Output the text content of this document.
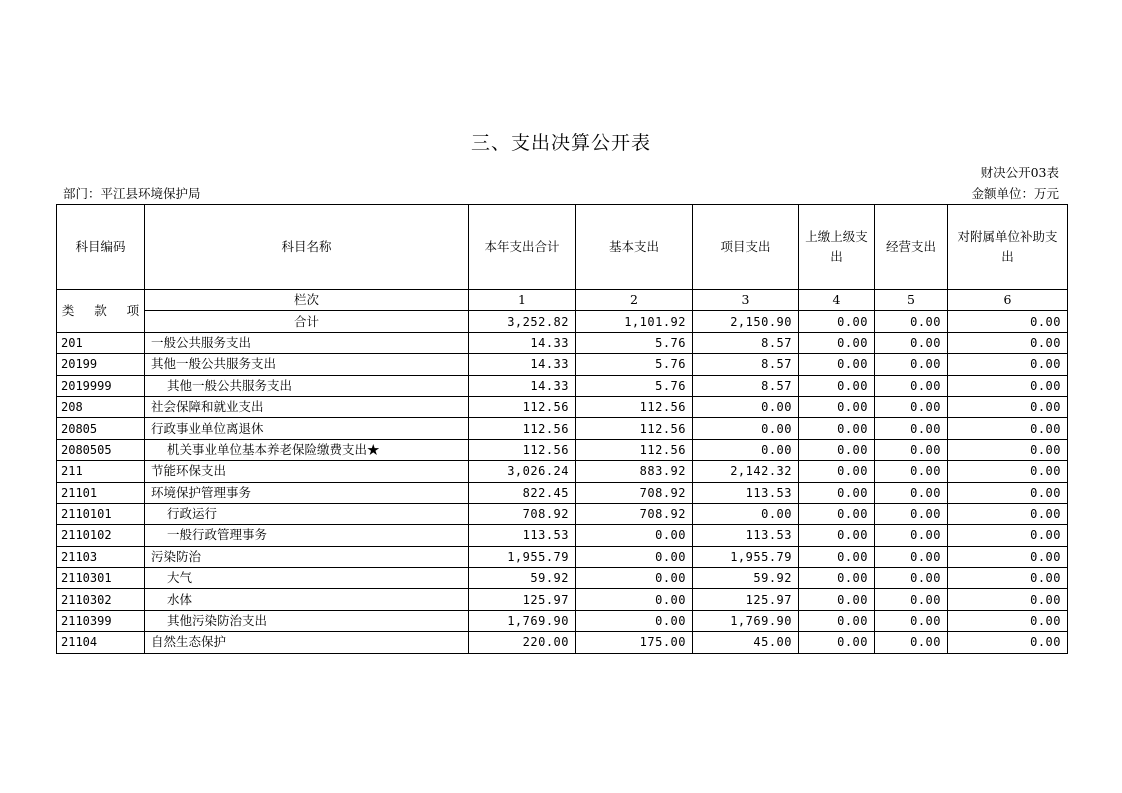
三、支出决算公开表
财决公开03表
部门：平江县环境保护局	金额单位：万元
科目编码	科目名称	本年支出合计	基本支出	项目支出	上缴上级支出	经营支出	对附属单位补助支出
类 款 项	栏次	1	2	3	4	5	6
	合计	3,252.82	1,101.92	2,150.90	0.00	0.00	0.00
201	一般公共服务支出	14.33	5.76	8.57	0.00	0.00	0.00
20199	其他一般公共服务支出	14.33	5.76	8.57	0.00	0.00	0.00
2019999	其他一般公共服务支出	14.33	5.76	8.57	0.00	0.00	0.00
208	社会保障和就业支出	112.56	112.56	0.00	0.00	0.00	0.00
20805	行政事业单位离退休	112.56	112.56	0.00	0.00	0.00	0.00
2080505	机关事业单位基本养老保险缴费支出★	112.56	112.56	0.00	0.00	0.00	0.00
211	节能环保支出	3,026.24	883.92	2,142.32	0.00	0.00	0.00
21101	环境保护管理事务	822.45	708.92	113.53	0.00	0.00	0.00
2110101	行政运行	708.92	708.92	0.00	0.00	0.00	0.00
2110102	一般行政管理事务	113.53	0.00	113.53	0.00	0.00	0.00
21103	污染防治	1,955.79	0.00	1,955.79	0.00	0.00	0.00
2110301	大气	59.92	0.00	59.92	0.00	0.00	0.00
2110302	水体	125.97	0.00	125.97	0.00	0.00	0.00
2110399	其他污染防治支出	1,769.90	0.00	1,769.90	0.00	0.00	0.00
21104	自然生态保护	220.00	175.00	45.00	0.00	0.00	0.00
